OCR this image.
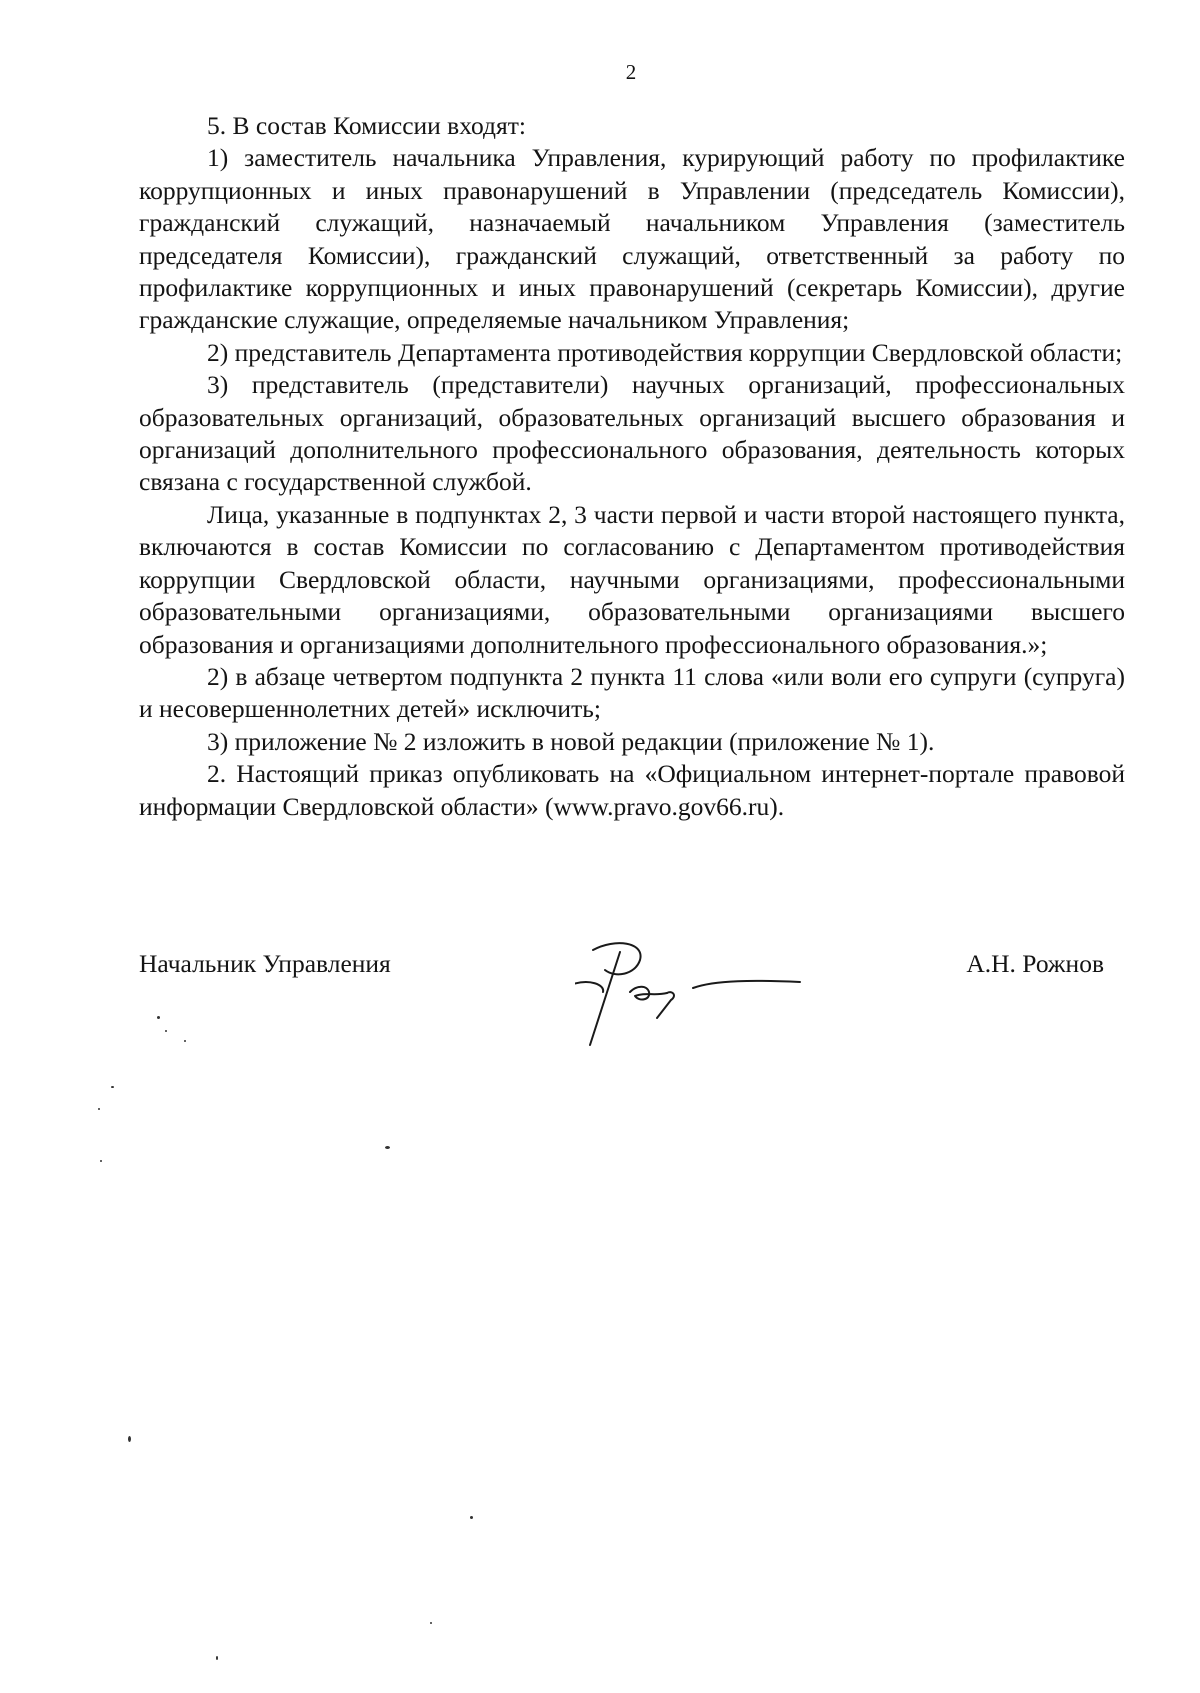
2

5. В состав Комиссии входят:

1) заместитель начальника Управления, курирующий работу по профилактике коррупционных и иных правонарушений в Управлении (председатель Комиссии), гражданский служащий, назначаемый начальником Управления (заместитель председателя Комиссии), гражданский служащий, ответственный за работу по профилактике коррупционных и иных правонарушений (секретарь Комиссии), другие гражданские служащие, определяемые начальником Управления;

2) представитель Департамента противодействия коррупции Свердловской области;

3) представитель (представители) научных организаций, профессиональных образовательных организаций, образовательных организаций высшего образования и организаций дополнительного профессионального образования, деятельность которых связана с государственной службой.

Лица, указанные в подпунктах 2, 3 части первой и части второй настоящего пункта, включаются в состав Комиссии по согласованию с Департаментом противодействия коррупции Свердловской области, научными организациями, профессиональными образовательными организациями, образовательными организациями высшего образования и организациями дополнительного профессионального образования.»;

2) в абзаце четвертом подпункта 2 пункта 11 слова «или воли его супруги (супруга) и несовершеннолетних детей» исключить;

3) приложение № 2 изложить в новой редакции (приложение № 1).

2. Настоящий приказ опубликовать на «Официальном интернет-портале правовой информации Свердловской области» (www.pravo.gov66.ru).

Начальник Управления	А.Н. Рожнов
